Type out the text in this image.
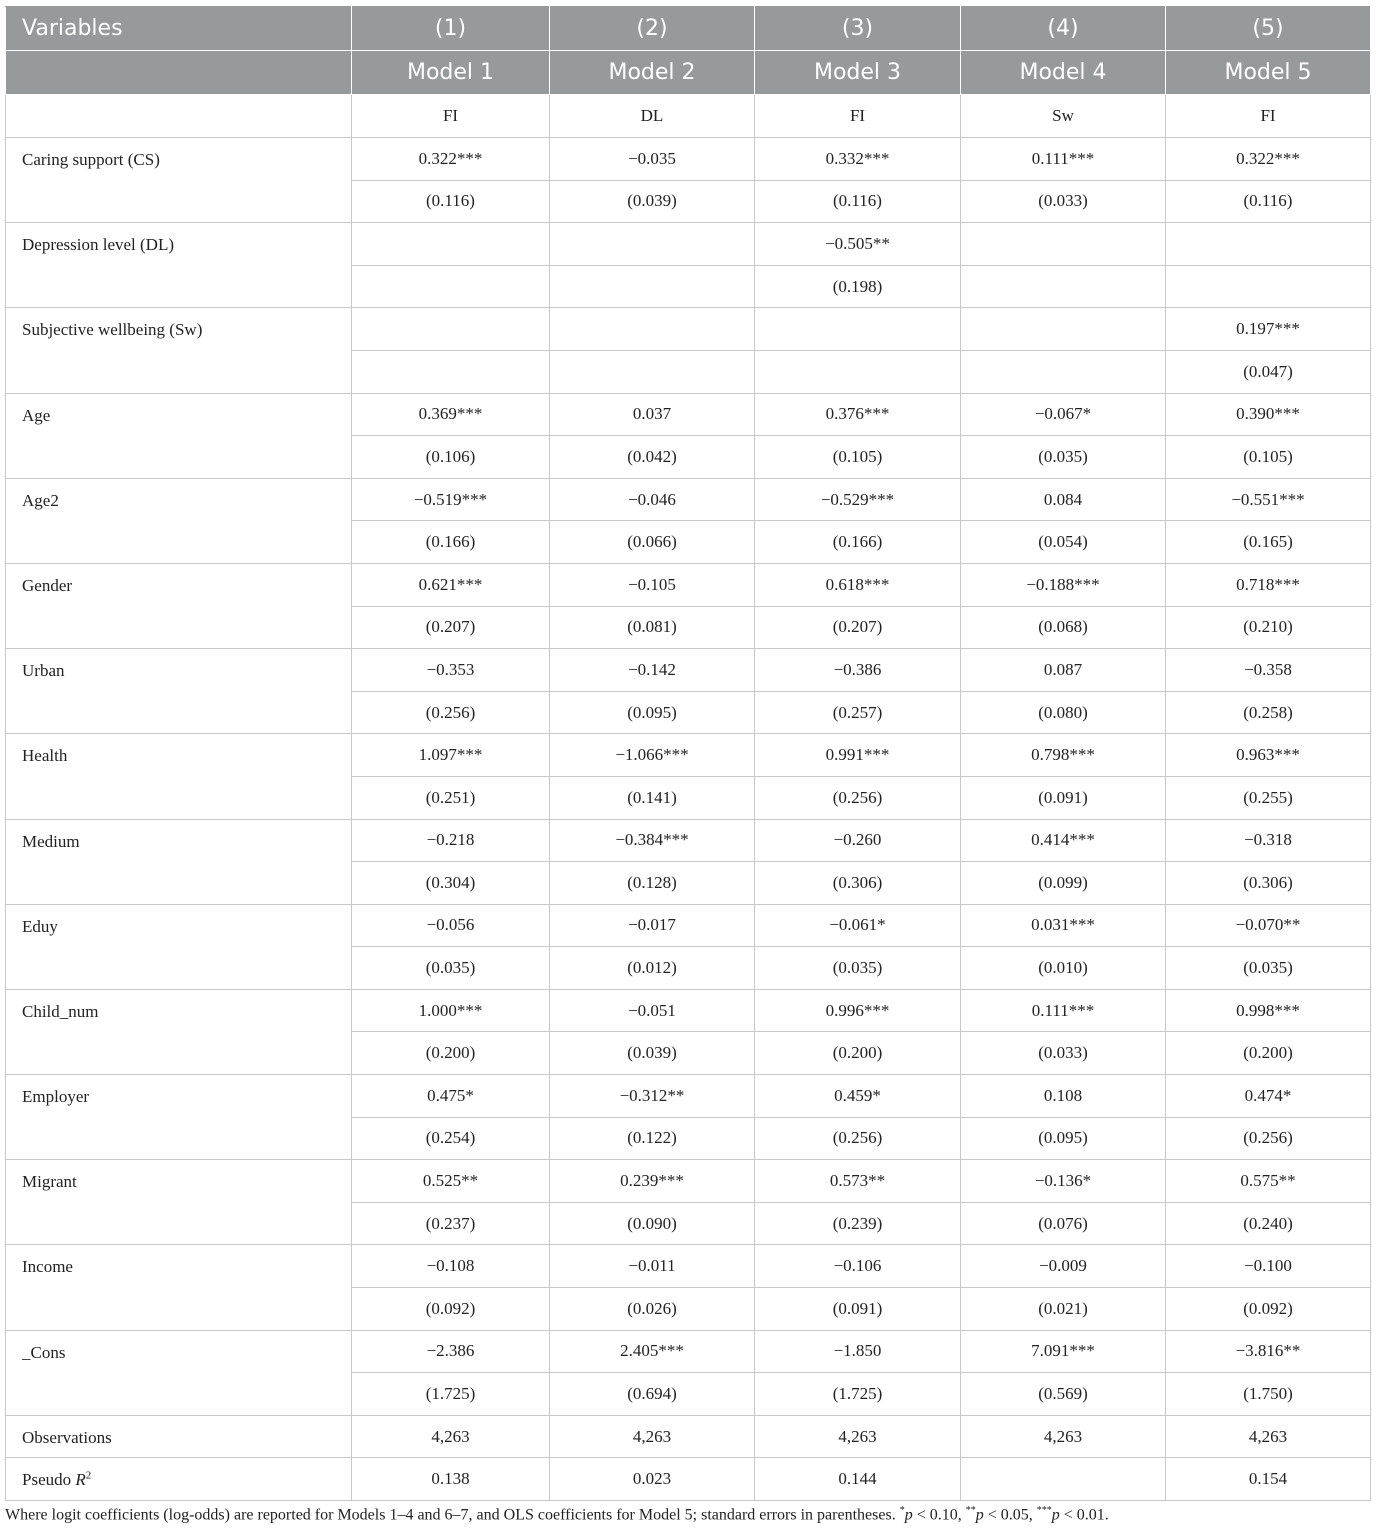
Variables	(1)	(2)	(3)	(4)	(5)
	Model 1	Model 2	Model 3	Model 4	Model 5
	FI	DL	FI	Sw	FI
Caring support (CS)	0.322***	−0.035	0.332***	0.111***	0.322***
	(0.116)	(0.039)	(0.116)	(0.033)	(0.116)
Depression level (DL)			−0.505**		
			(0.198)		
Subjective wellbeing (Sw)					0.197***
					(0.047)
Age	0.369***	0.037	0.376***	−0.067*	0.390***
	(0.106)	(0.042)	(0.105)	(0.035)	(0.105)
Age2	−0.519***	−0.046	−0.529***	0.084	−0.551***
	(0.166)	(0.066)	(0.166)	(0.054)	(0.165)
Gender	0.621***	−0.105	0.618***	−0.188***	0.718***
	(0.207)	(0.081)	(0.207)	(0.068)	(0.210)
Urban	−0.353	−0.142	−0.386	0.087	−0.358
	(0.256)	(0.095)	(0.257)	(0.080)	(0.258)
Health	1.097***	−1.066***	0.991***	0.798***	0.963***
	(0.251)	(0.141)	(0.256)	(0.091)	(0.255)
Medium	−0.218	−0.384***	−0.260	0.414***	−0.318
	(0.304)	(0.128)	(0.306)	(0.099)	(0.306)
Eduy	−0.056	−0.017	−0.061*	0.031***	−0.070**
	(0.035)	(0.012)	(0.035)	(0.010)	(0.035)
Child_num	1.000***	−0.051	0.996***	0.111***	0.998***
	(0.200)	(0.039)	(0.200)	(0.033)	(0.200)
Employer	0.475*	−0.312**	0.459*	0.108	0.474*
	(0.254)	(0.122)	(0.256)	(0.095)	(0.256)
Migrant	0.525**	0.239***	0.573**	−0.136*	0.575**
	(0.237)	(0.090)	(0.239)	(0.076)	(0.240)
Income	−0.108	−0.011	−0.106	−0.009	−0.100
	(0.092)	(0.026)	(0.091)	(0.021)	(0.092)
_Cons	−2.386	2.405***	−1.850	7.091***	−3.816**
	(1.725)	(0.694)	(1.725)	(0.569)	(1.750)
Observations	4,263	4,263	4,263	4,263	4,263
Pseudo $R^2$	0.138	0.023	0.144		0.154
Where logit coefficients (log-odds) are reported for Models 1–4 and 6–7, and OLS coefficients for Model 5; standard errors in parentheses. *p < 0.10, **p < 0.05, ***p < 0.01.
